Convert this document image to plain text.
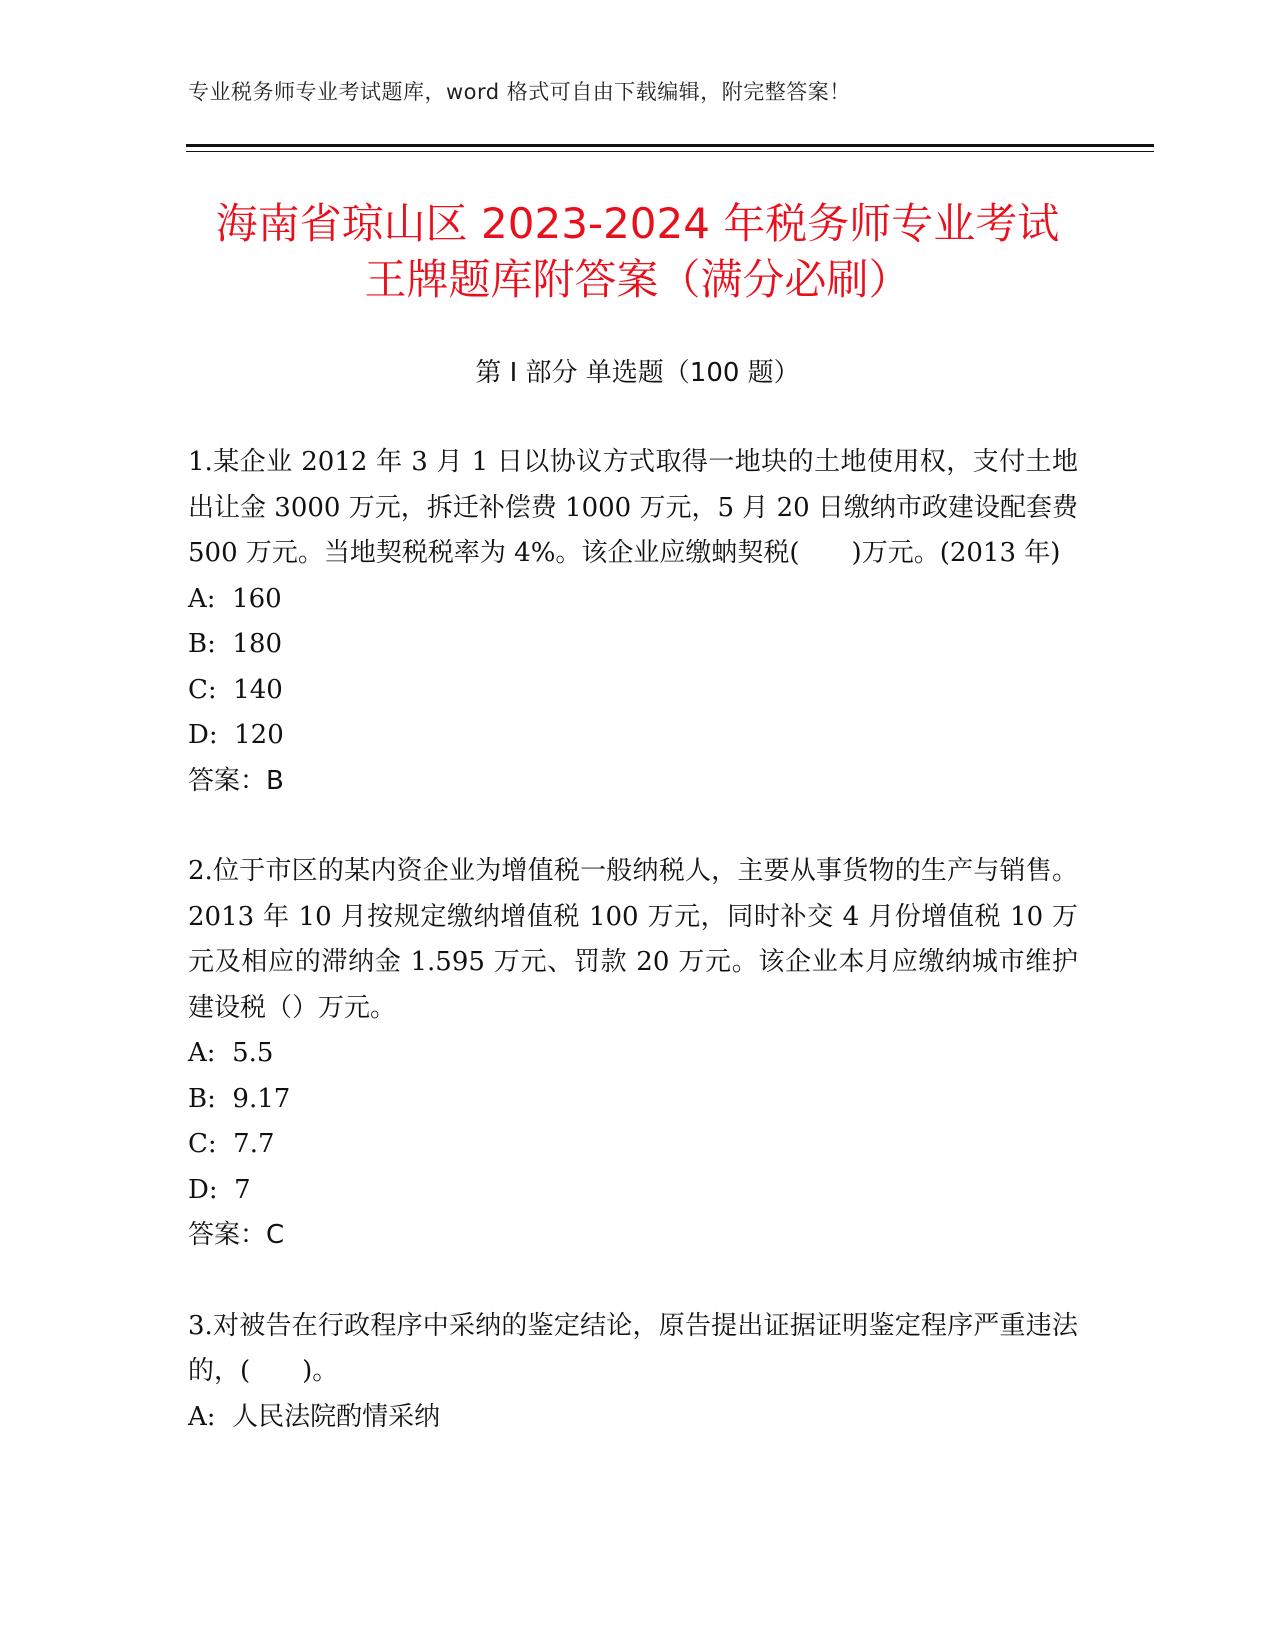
专业税务师专业考试题库，word 格式可自由下载编辑，附完整答案！
海南省琼山区 2023-2024 年税务师专业考试
王牌题库附答案（满分必刷）
第 I 部分 单选题（100 题）

1.某企业 2012 年 3 月 1 日以协议方式取得一地块的土地使用权，支付土地出让金 3000 万元，拆迁补偿费 1000 万元，5 月 20 日缴纳市政建设配套费 500 万元。当地契税税率为 4%。该企业应缴蚋契税(　　)万元。(2013 年)

A:  160

B:  180

C:  140

D:  120

答案：B

2.位于市区的某内资企业为增值税一般纳税人，主要从事货物的生产与销售。2013 年 10 月按规定缴纳增值税 100 万元，同时补交 4 月份增值税 10 万元及相应的滞纳金 1.595 万元、罚款 20 万元。该企业本月应缴纳城市维护建设税（）万元。

A:  5.5

B:  9.17

C:  7.7

D:  7

答案：C

3.对被告在行政程序中采纳的鉴定结论，原告提出证据证明鉴定程序严重违法的，(　　)。

A:  人民法院酌情采纳
